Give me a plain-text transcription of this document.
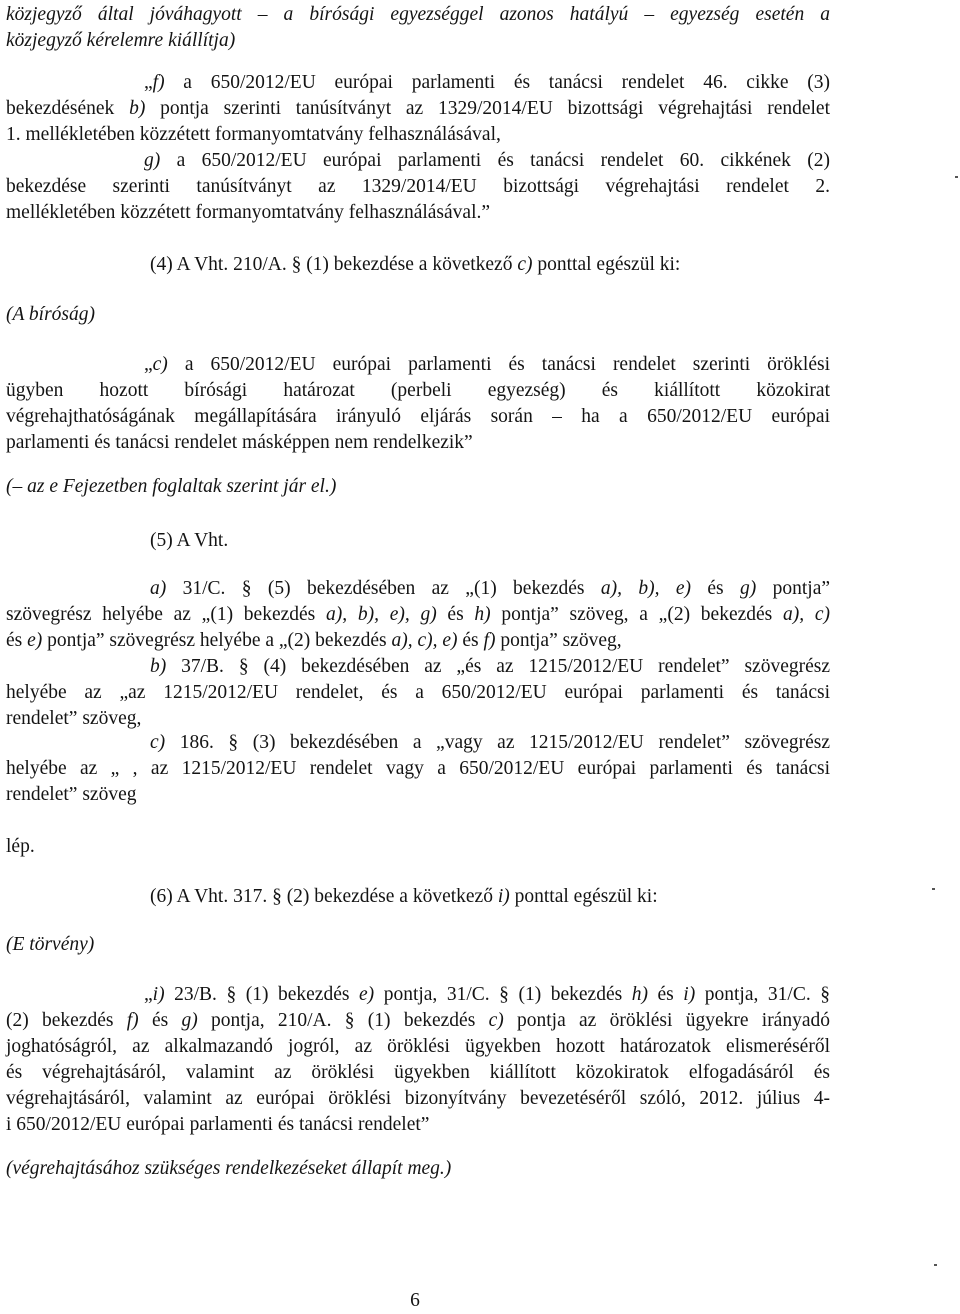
közjegyző által jóváhagyott – a bírósági egyezséggel azonos hatályú – egyezség esetén a
közjegyző kérelemre kiállítja)
„f) a 650/2012/EU európai parlamenti és tanácsi rendelet 46. cikke (3)
bekezdésének b) pontja szerinti tanúsítványt az 1329/2014/EU bizottsági végrehajtási rendelet
1. mellékletében közzétett formanyomtatvány felhasználásával,
g) a 650/2012/EU európai parlamenti és tanácsi rendelet 60. cikkének (2)
bekezdése szerinti tanúsítványt az 1329/2014/EU bizottsági végrehajtási rendelet 2.
mellékletében közzétett formanyomtatvány felhasználásával.”
(4) A Vht. 210/A. § (1) bekezdése a következő c) ponttal egészül ki:
(A bíróság)
„c) a 650/2012/EU európai parlamenti és tanácsi rendelet szerinti öröklési
ügyben hozott bírósági határozat (perbeli egyezség) és kiállított közokirat
végrehajthatóságának megállapítására irányuló eljárás során – ha a 650/2012/EU európai
parlamenti és tanácsi rendelet másképpen nem rendelkezik”
(– az e Fejezetben foglaltak szerint jár el.)
(5) A Vht.
a) 31/C. § (5) bekezdésében az „(1) bekezdés a), b), e) és g) pontja”
szövegrész helyébe az „(1) bekezdés a), b), e), g) és h) pontja” szöveg, a „(2) bekezdés a), c)
és e) pontja” szövegrész helyébe a „(2) bekezdés a), c), e) és f) pontja” szöveg,
b) 37/B. § (4) bekezdésében az „és az 1215/2012/EU rendelet” szövegrész
helyébe az „az 1215/2012/EU rendelet, és a 650/2012/EU európai parlamenti és tanácsi
rendelet” szöveg,
c) 186. § (3) bekezdésében a „vagy az 1215/2012/EU rendelet” szövegrész
helyébe az „ , az 1215/2012/EU rendelet vagy a 650/2012/EU európai parlamenti és tanácsi
rendelet” szöveg
lép.
(6) A Vht. 317. § (2) bekezdése a következő i) ponttal egészül ki:
(E törvény)
„i) 23/B. § (1) bekezdés e) pontja, 31/C. § (1) bekezdés h) és i) pontja, 31/C. §
(2) bekezdés f) és g) pontja, 210/A. § (1) bekezdés c) pontja az öröklési ügyekre irányadó
joghatóságról, az alkalmazandó jogról, az öröklési ügyekben hozott határozatok elismeréséről
és végrehajtásáról, valamint az öröklési ügyekben kiállított közokiratok elfogadásáról és
végrehajtásáról, valamint az európai öröklési bizonyítvány bevezetéséről szóló, 2012. július 4-
i 650/2012/EU európai parlamenti és tanácsi rendelet”
(végrehajtásához szükséges rendelkezéseket állapít meg.)
6
